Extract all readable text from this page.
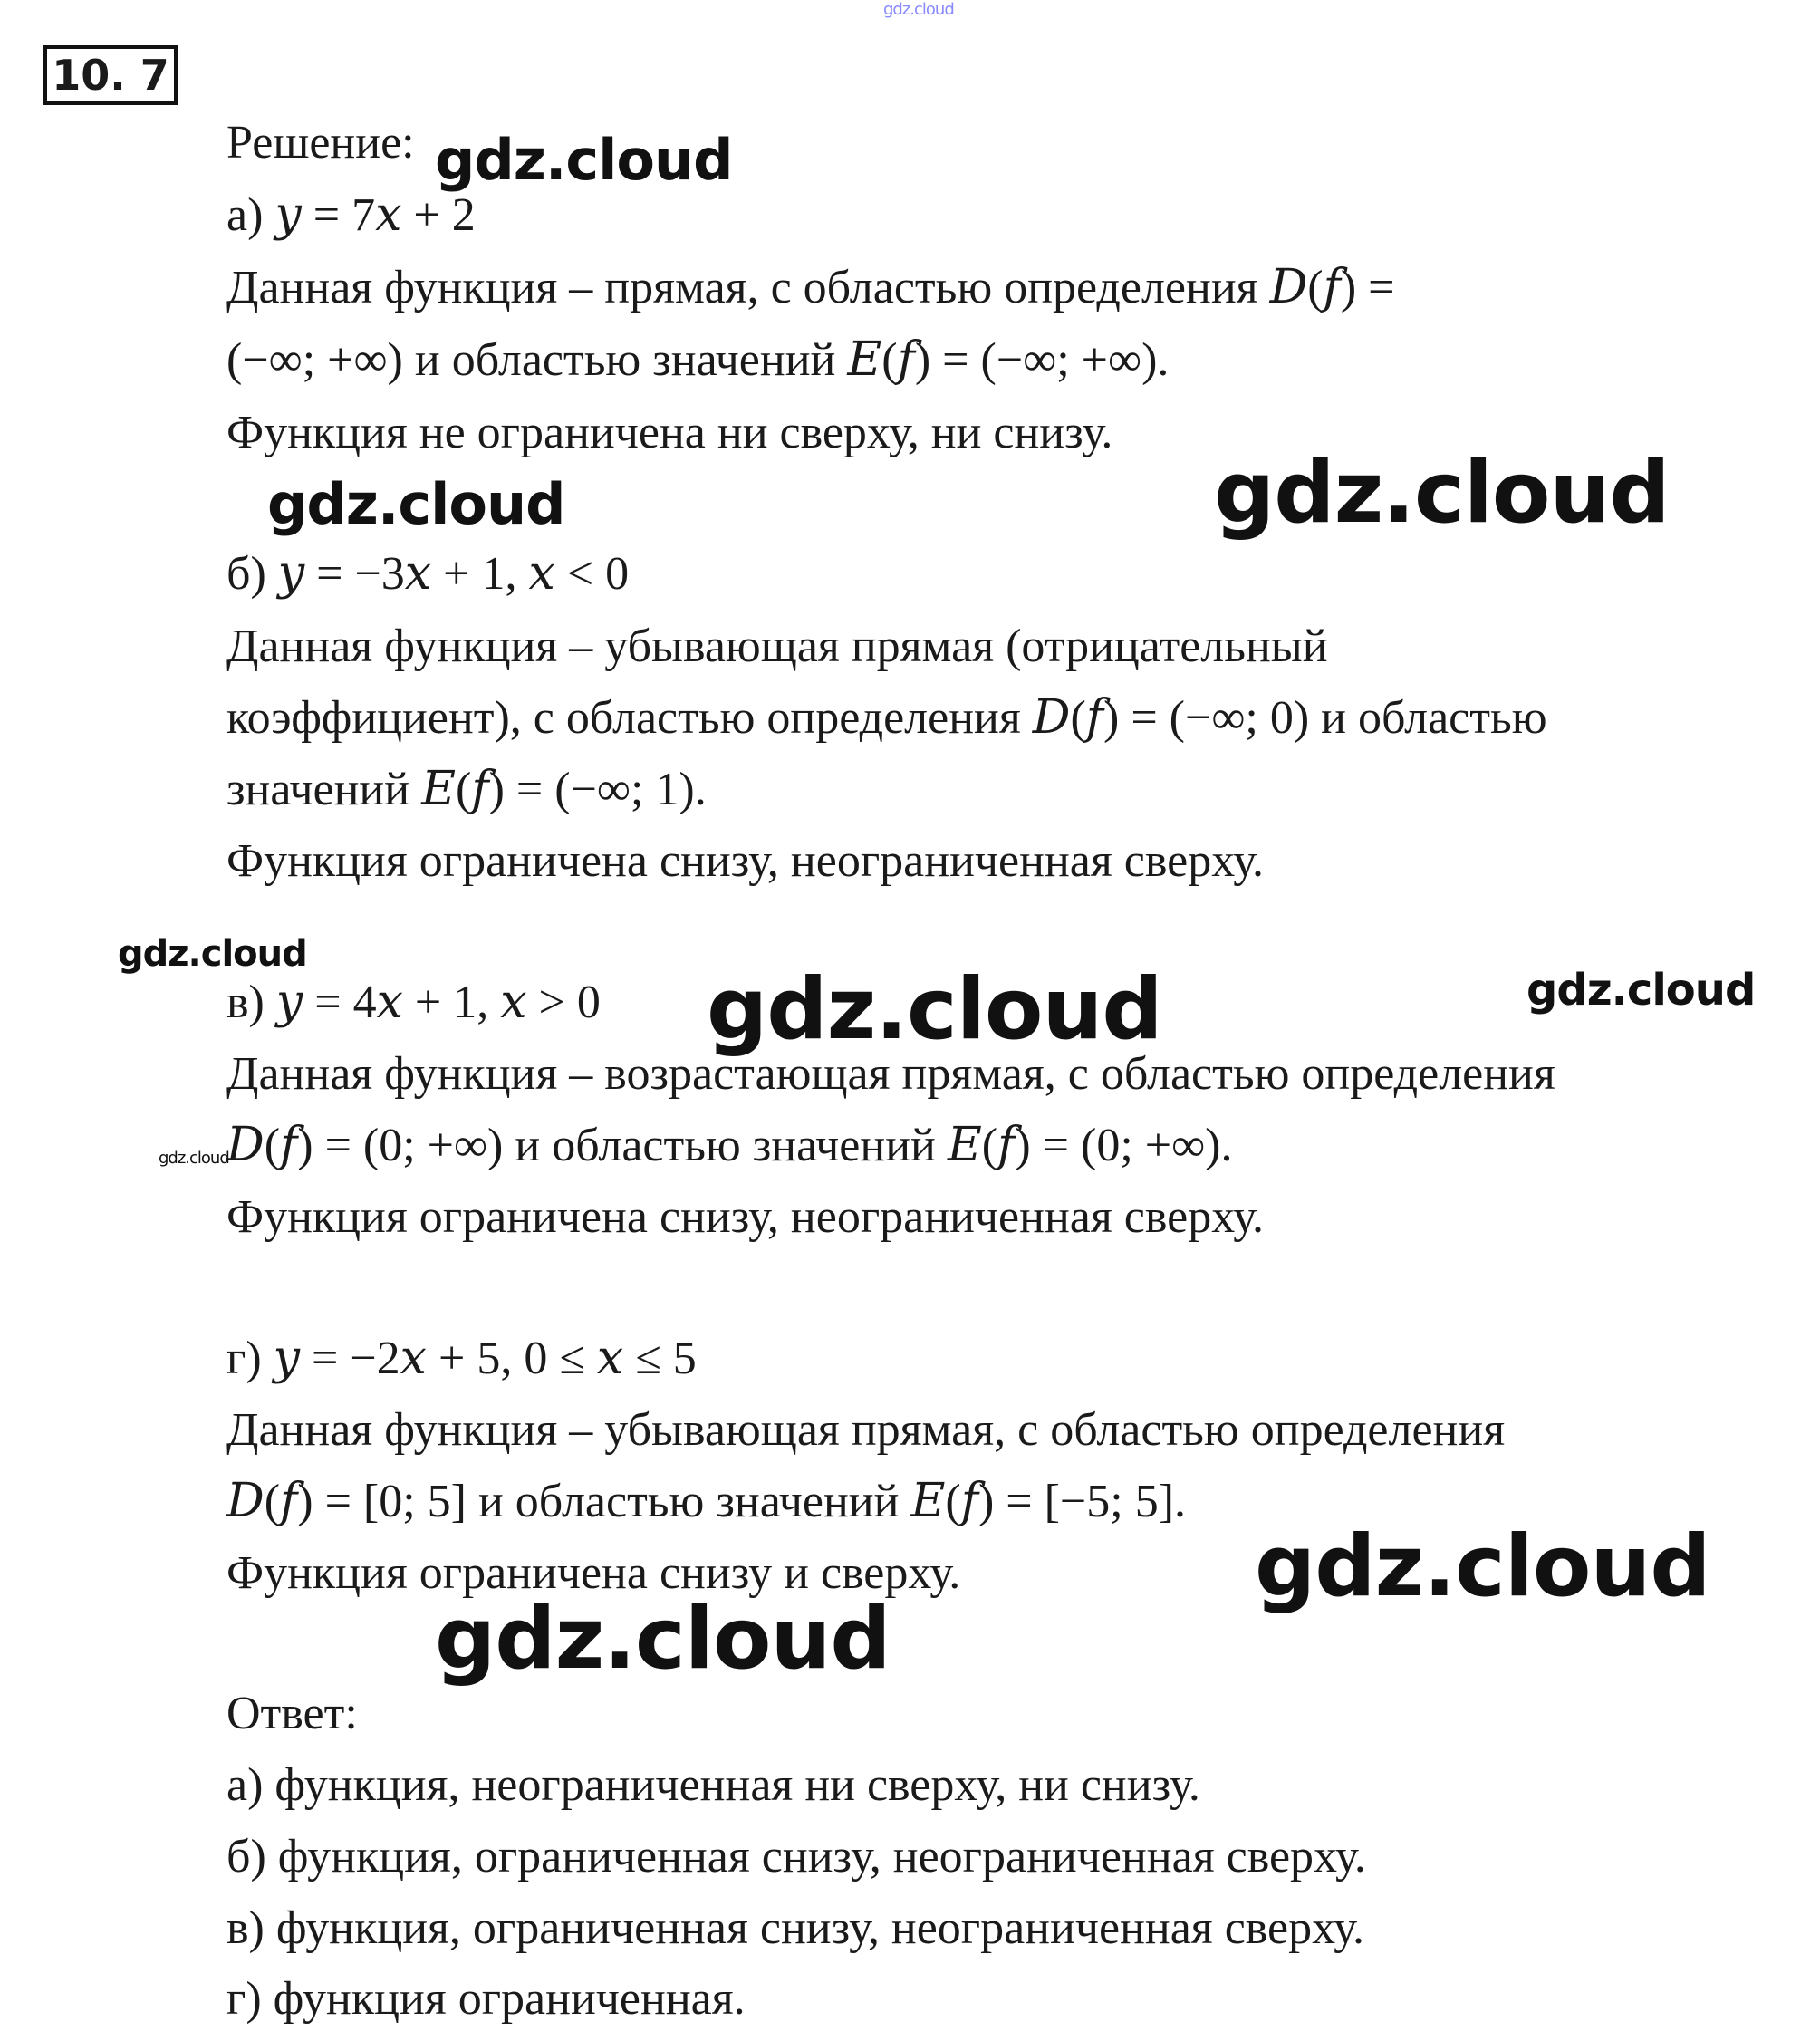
10. 7
Решение:
а) 𝑦 = 7𝑥 + 2
Данная функция – прямая, с областью определения 𝐷(𝑓) =
(−∞; +∞) и областью значений 𝐸(𝑓) = (−∞; +∞).
Функция не ограничена ни сверху, ни снизу.
б) 𝑦 = −3𝑥 + 1, 𝑥 < 0
Данная функция – убывающая прямая (отрицательный
коэффициент), с областью определения 𝐷(𝑓) = (−∞; 0) и областью
значений 𝐸(𝑓) = (−∞; 1).
Функция ограничена снизу, неограниченная сверху.
в) 𝑦 = 4𝑥 + 1, 𝑥 > 0
Данная функция – возрастающая прямая, с областью определения
𝐷(𝑓) = (0; +∞) и областью значений 𝐸(𝑓) = (0; +∞).
Функция ограничена снизу, неограниченная сверху.
г) 𝑦 = −2𝑥 + 5, 0 ≤ 𝑥 ≤ 5
Данная функция – убывающая прямая, с областью определения
𝐷(𝑓) = [0; 5] и областью значений 𝐸(𝑓) = [−5; 5].
Функция ограничена снизу и сверху.
Ответ:
а) функция, неограниченная ни сверху, ни снизу.
б) функция, ограниченная снизу, неограниченная сверху.
в) функция, ограниченная снизу, неограниченная сверху.
г) функция ограниченная.
gdz.cloud
gdz.cloud
gdz.cloud	gdz.cloud
gdz.cloud
gdz.cloud	gdz.cloud
gdz.cloud
gdz.cloud
gdz.cloud
